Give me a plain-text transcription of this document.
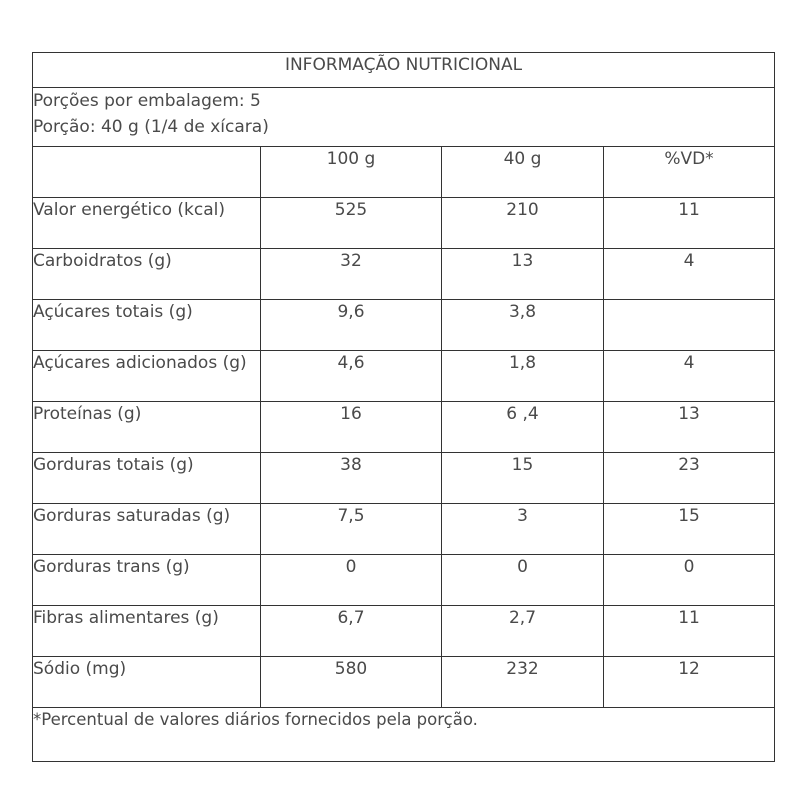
INFORMAÇÃO NUTRICIONAL			

Porções por embalagem: 5
Porção: 40 g (1/4 de xícara)			

	100 g	40 g	%VD*
Valor energético (kcal)	525	210	11
Carboidratos (g)	32	13	4
Açúcares totais (g)	9,6	3,8	
Açúcares adicionados (g)	4,6	1,8	4
Proteínas (g)	16	6 ,4	13
Gorduras totais (g)	38	15	23
Gorduras saturadas (g)	7,5	3	15
Gorduras trans (g)	0	0	0
Fibras alimentares (g)	6,7	2,7	11
Sódio (mg)	580	232	12
*Percentual de valores diários fornecidos pela porção.			
